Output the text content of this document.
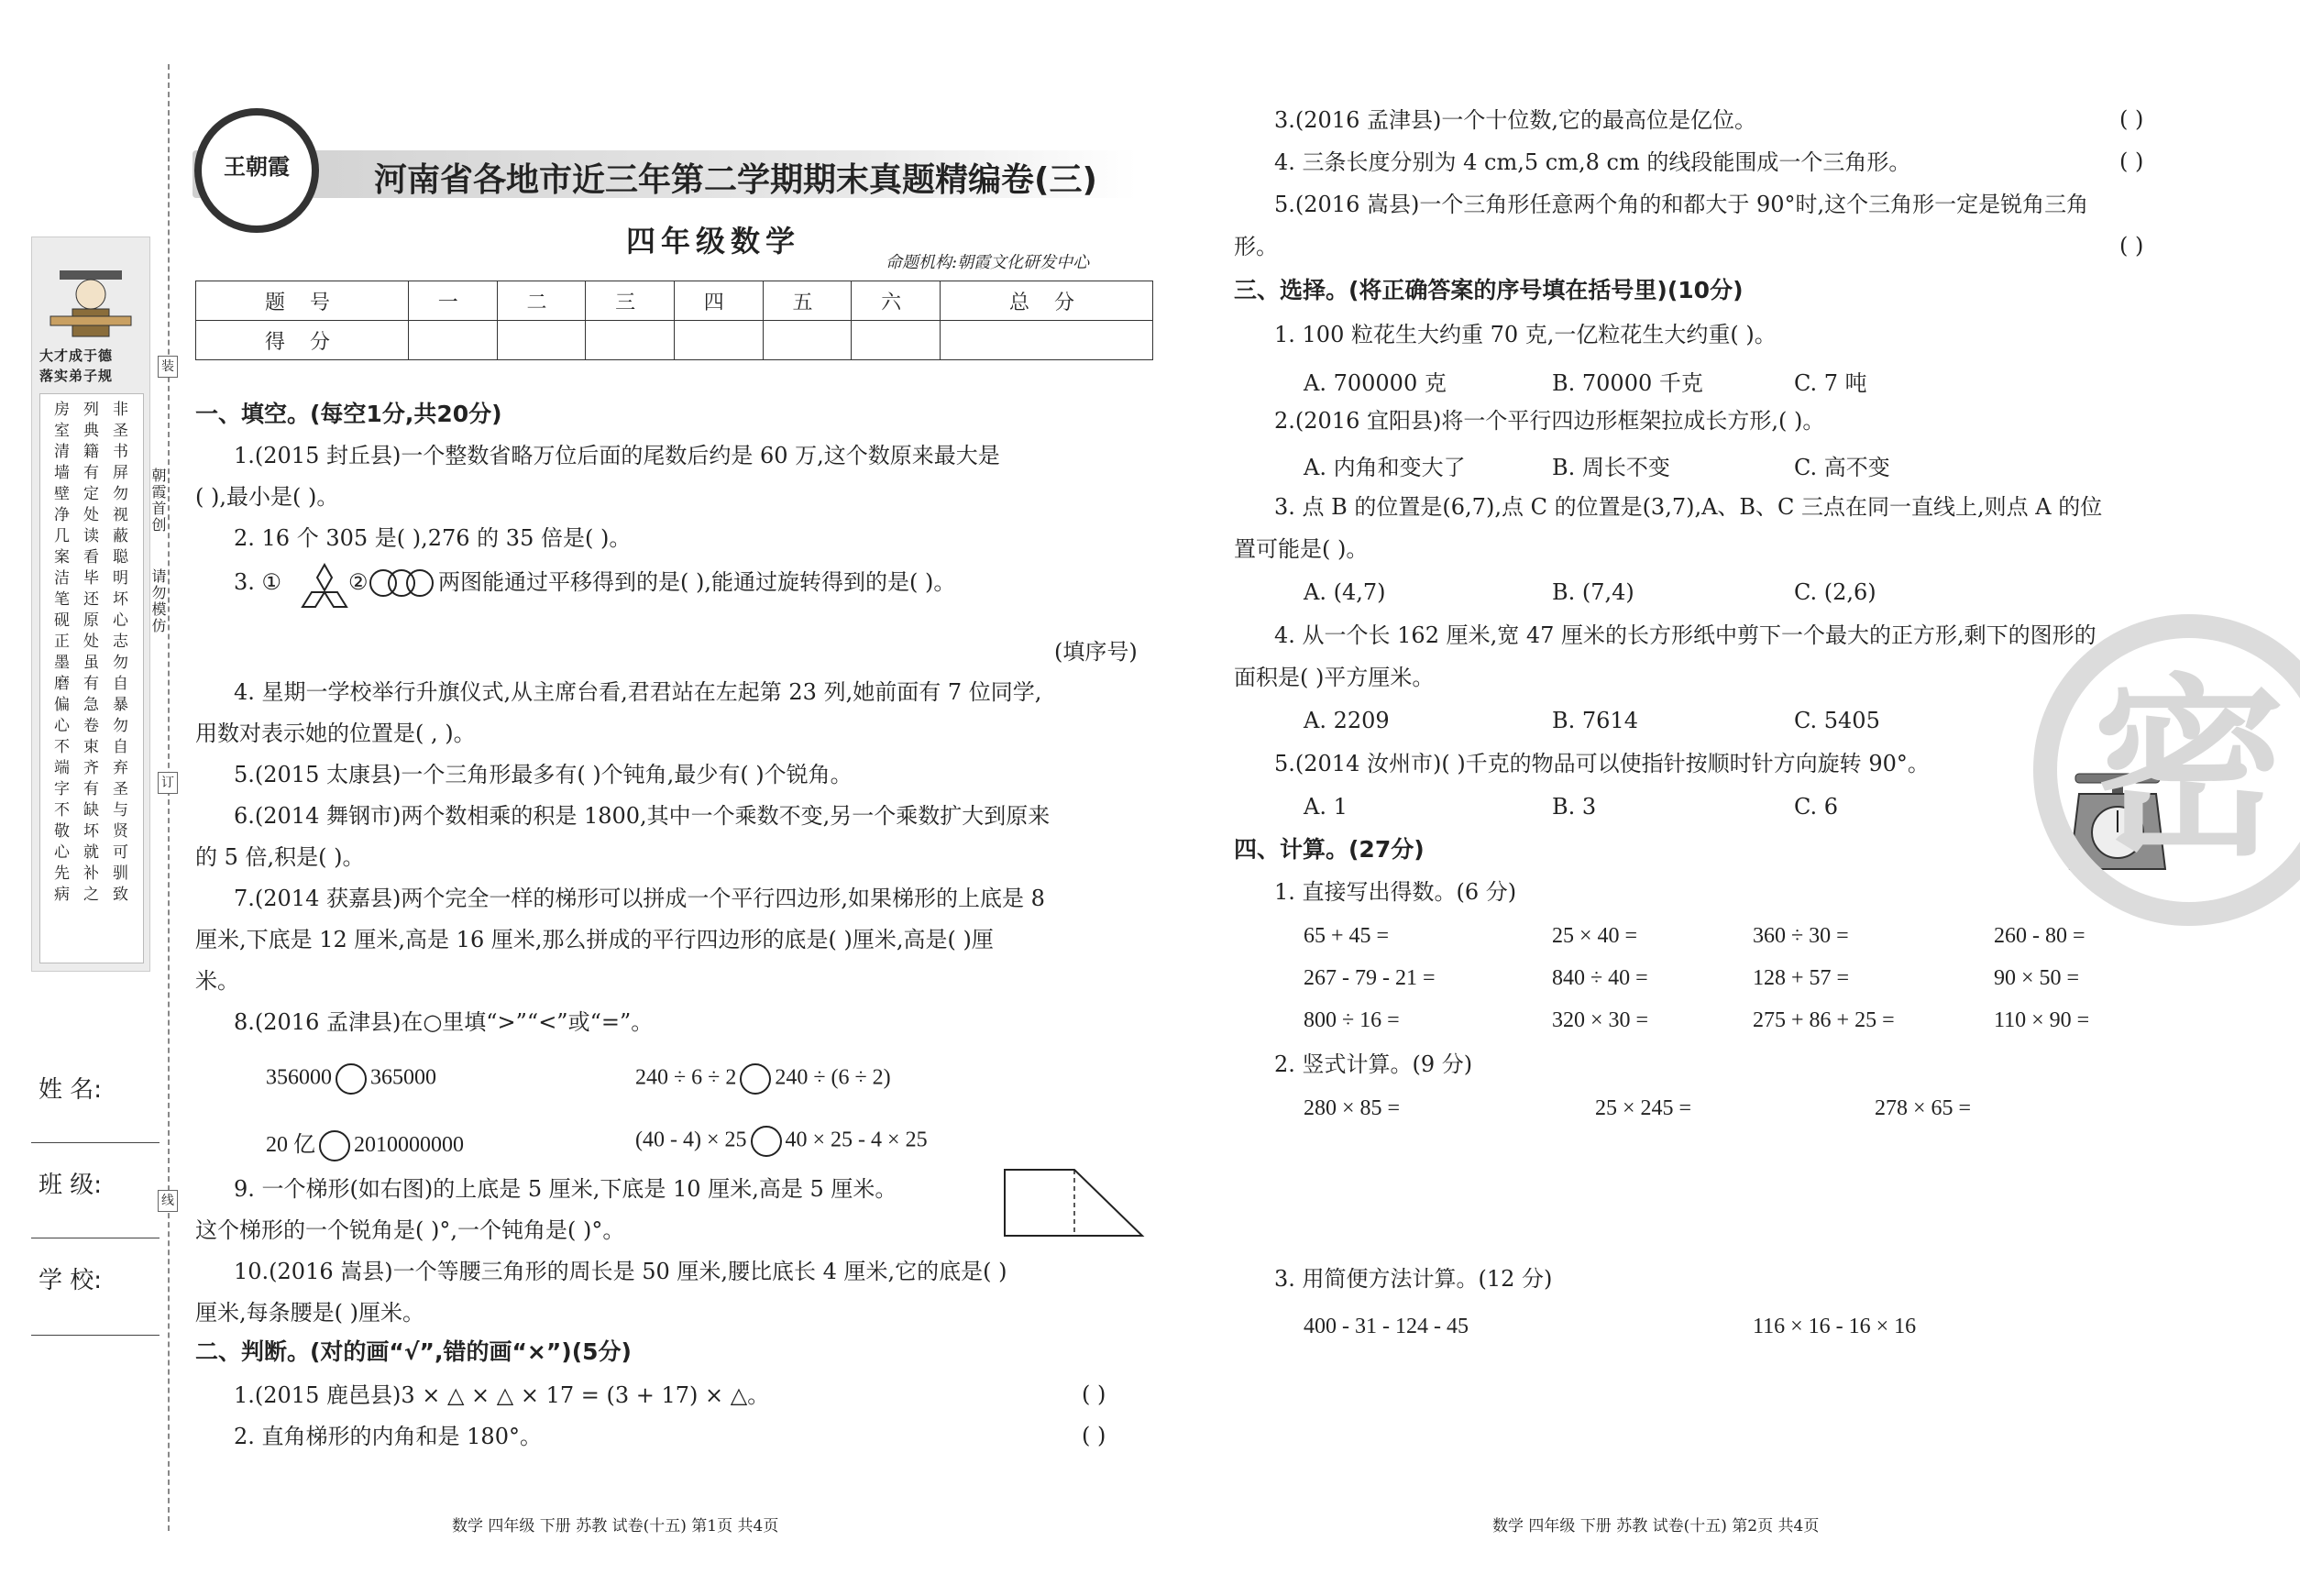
大才成于德
落实弟子规
非圣书屏勿视蔽聪明坏心志勿自暴勿自弃圣与贤可驯致
列典籍有定处读看毕还原处虽有急卷束齐有缺坏就补之
房室清墙壁净几案洁笔砚正墨磨偏心不端字不敬心先病	朝霞首创
请勿模仿
装
订
线
姓 名:
班 级:
学 校:
王朝霞	河南省各地市近三年第二学期期末真题精编卷(三)
四年级数学
命题机构:朝霞文化研发中心
题 号	一	二	三	四	五	六	总 分
得 分							
一、填空。(每空1分,共20分)
1.(2015 封丘县)一个整数省略万位后面的尾数后约是 60 万,这个数原来最大是
( ),最小是( )。
2. 16 个 305 是( ),276 的 35 倍是( )。
3. ①	②	两图能通过平移得到的是( ),能通过旋转得到的是( )。
(填序号)
4. 星期一学校举行升旗仪式,从主席台看,君君站在左起第 23 列,她前面有 7 位同学,
用数对表示她的位置是( , )。
5.(2015 太康县)一个三角形最多有( )个钝角,最少有( )个锐角。
6.(2014 舞钢市)两个数相乘的积是 1800,其中一个乘数不变,另一个乘数扩大到原来
的 5 倍,积是( )。
7.(2014 获嘉县)两个完全一样的梯形可以拼成一个平行四边形,如果梯形的上底是 8
厘米,下底是 12 厘米,高是 16 厘米,那么拼成的平行四边形的底是( )厘米,高是( )厘
米。
8.(2016 孟津县)在○里填“>”“<”或“=”。
356000 365000	240 ÷ 6 ÷ 2 240 ÷ (6 ÷ 2)
20 亿 2010000000	(40 - 4) × 25 40 × 25 - 4 × 25
9. 一个梯形(如右图)的上底是 5 厘米,下底是 10 厘米,高是 5 厘米。
这个梯形的一个锐角是( )°,一个钝角是( )°。
10.(2016 嵩县)一个等腰三角形的周长是 50 厘米,腰比底长 4 厘米,它的底是( )
厘米,每条腰是( )厘米。
二、判断。(对的画“√”,错的画“×”)(5分)
1.(2015 鹿邑县)3 × △ × △ × 17 = (3 + 17) × △。	( )
2. 直角梯形的内角和是 180°。	( )
3.(2016 孟津县)一个十位数,它的最高位是亿位。	( )
4. 三条长度分别为 4 cm,5 cm,8 cm 的线段能围成一个三角形。	( )
5.(2016 嵩县)一个三角形任意两个角的和都大于 90°时,这个三角形一定是锐角三角
形。	( )
三、选择。(将正确答案的序号填在括号里)(10分)
1. 100 粒花生大约重 70 克,一亿粒花生大约重( )。
A. 700000 克	B. 70000 千克	C. 7 吨
2.(2016 宜阳县)将一个平行四边形框架拉成长方形,( )。
A. 内角和变大了	B. 周长不变	C. 高不变
3. 点 B 的位置是(6,7),点 C 的位置是(3,7),A、B、C 三点在同一直线上,则点 A 的位
置可能是( )。
A. (4,7)	B. (7,4)	C. (2,6)
4. 从一个长 162 厘米,宽 47 厘米的长方形纸中剪下一个最大的正方形,剩下的图形的
面积是( )平方厘米。
A. 2209	B. 7614	C. 5405
5.(2014 汝州市)( )千克的物品可以使指针按顺时针方向旋转 90°。
A. 1	B. 3	C. 6
四、计算。(27分)
1. 直接写出得数。(6 分)
65 + 45 =	25 × 40 =	360 ÷ 30 =	260 - 80 =
267 - 79 - 21 =	840 ÷ 40 =	128 + 57 =	90 × 50 =
800 ÷ 16 =	320 × 30 =	275 + 86 + 25 =	110 × 90 =
2. 竖式计算。(9 分)
280 × 85 =	25 × 245 =	278 × 65 =
3. 用简便方法计算。(12 分)
400 - 31 - 124 - 45	116 × 16 - 16 × 16
密
数学 四年级 下册 苏教 试卷(十五) 第1页 共4页	数学 四年级 下册 苏教 试卷(十五) 第2页 共4页
